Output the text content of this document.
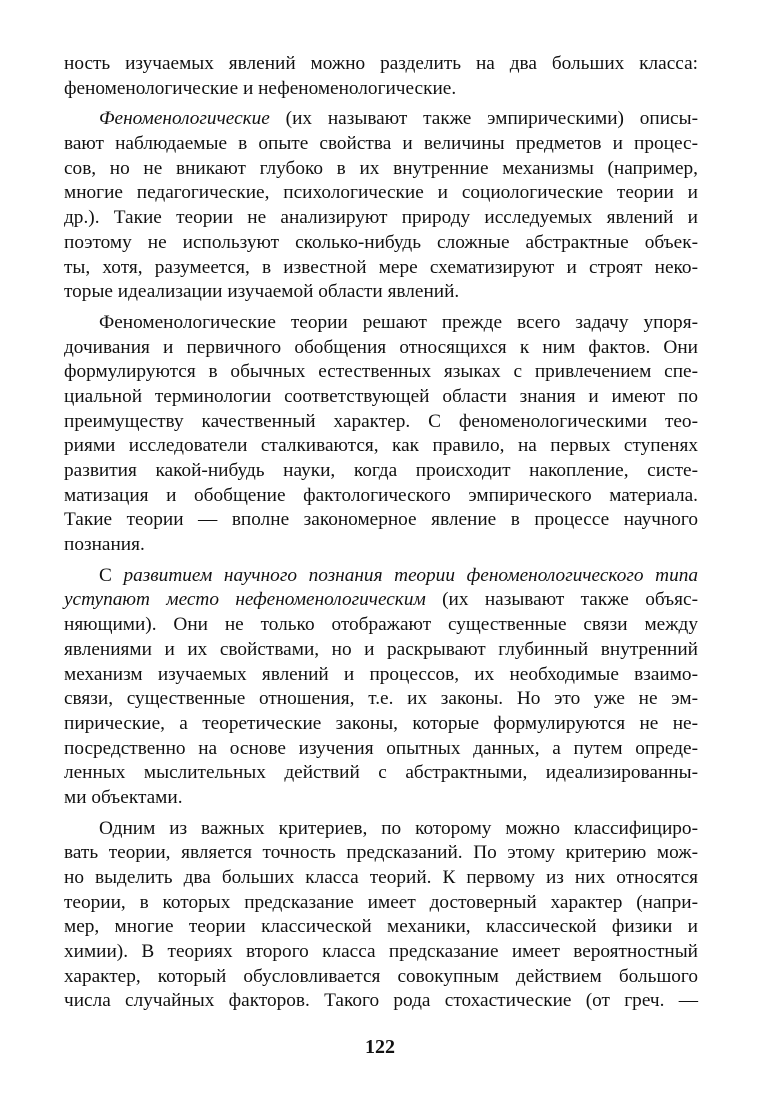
ность изучаемых явлений можно разделить на два больших класса:
феноменологические и нефеноменологические.
Феноменологические (их называют также эмпирическими) описы-
вают наблюдаемые в опыте свойства и величины предметов и процес-
сов, но не вникают глубоко в их внутренние механизмы (например,
многие педагогические, психологические и социологические теории и
др.). Такие теории не анализируют природу исследуемых явлений и
поэтому не используют сколько-нибудь сложные абстрактные объек-
ты, хотя, разумеется, в известной мере схематизируют и строят неко-
торые идеализации изучаемой области явлений.
Феноменологические теории решают прежде всего задачу упоря-
дочивания и первичного обобщения относящихся к ним фактов. Они
формулируются в обычных естественных языках с привлечением спе-
циальной терминологии соответствующей области знания и имеют по
преимуществу качественный характер. С феноменологическими тео-
риями исследователи сталкиваются, как правило, на первых ступенях
развития какой-нибудь науки, когда происходит накопление, систе-
матизация и обобщение фактологического эмпирического материала.
Такие теории — вполне закономерное явление в процессе научного
познания.
С развитием научного познания теории феноменологического типа
уступают место нефеноменологическим (их называют также объяс-
няющими). Они не только отображают существенные связи между
явлениями и их свойствами, но и раскрывают глубинный внутренний
механизм изучаемых явлений и процессов, их необходимые взаимо-
связи, существенные отношения, т.е. их законы. Но это уже не эм-
пирические, а теоретические законы, которые формулируются не не-
посредственно на основе изучения опытных данных, а путем опреде-
ленных мыслительных действий с абстрактными, идеализированны-
ми объектами.
Одним из важных критериев, по которому можно классифициро-
вать теории, является точность предсказаний. По этому критерию мож-
но выделить два больших класса теорий. К первому из них относятся
теории, в которых предсказание имеет достоверный характер (напри-
мер, многие теории классической механики, классической физики и
химии). В теориях второго класса предсказание имеет вероятностный
характер, который обусловливается совокупным действием большого
числа случайных факторов. Такого рода стохастические (от греч. —
122
